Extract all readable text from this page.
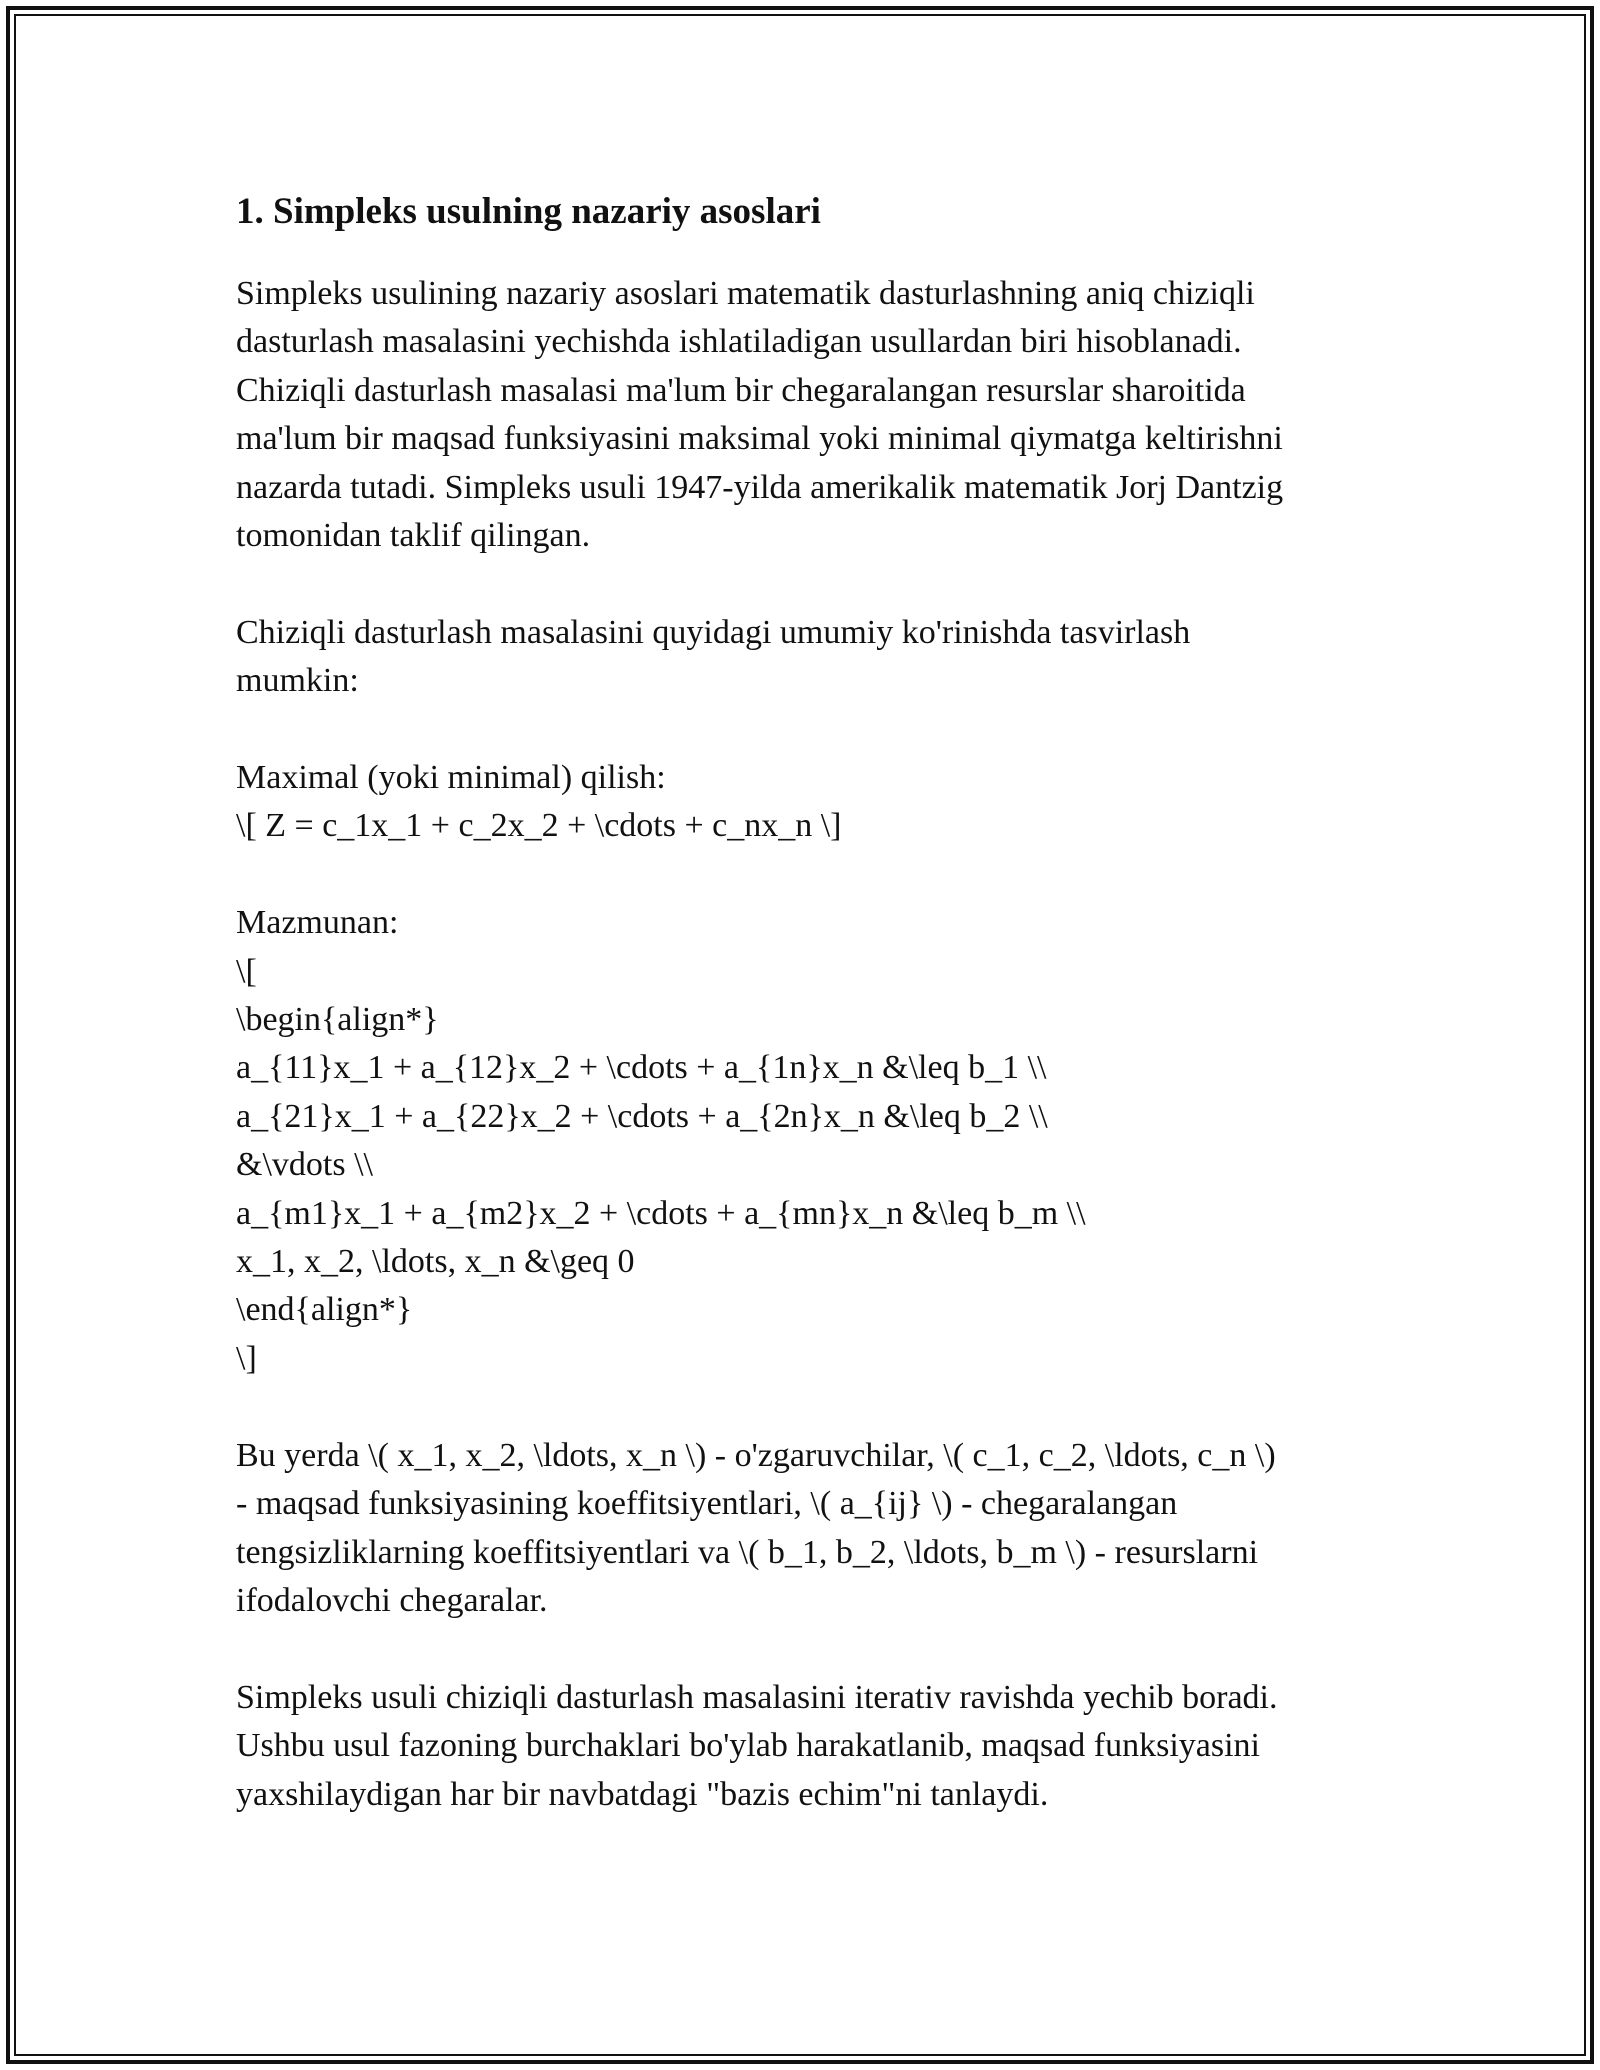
1. Simpleks usulning nazariy asoslari

Simpleks usulining nazariy asoslari matematik dasturlashning aniq chiziqli
dasturlash masalasini yechishda ishlatiladigan usullardan biri hisoblanadi.
Chiziqli dasturlash masalasi ma'lum bir chegaralangan resurslar sharoitida
ma'lum bir maqsad funksiyasini maksimal yoki minimal qiymatga keltirishni
nazarda tutadi. Simpleks usuli 1947-yilda amerikalik matematik Jorj Dantzig
tomonidan taklif qilingan.

Chiziqli dasturlash masalasini quyidagi umumiy ko'rinishda tasvirlash
mumkin:

Maximal (yoki minimal) qilish:

\[ Z = c_1x_1 + c_2x_2 + \cdots + c_nx_n \]

Mazmunan:

\[
\begin{align*}
a_{11}x_1 + a_{12}x_2 + \cdots + a_{1n}x_n &\leq b_1 \\
a_{21}x_1 + a_{22}x_2 + \cdots + a_{2n}x_n &\leq b_2 \\
&\vdots \\
a_{m1}x_1 + a_{m2}x_2 + \cdots + a_{mn}x_n &\leq b_m \\
x_1, x_2, \ldots, x_n &\geq 0
\end{align*}
\]

Bu yerda \( x_1, x_2, \ldots, x_n \) - o'zgaruvchilar, \( c_1, c_2, \ldots, c_n \)
- maqsad funksiyasining koeffitsiyentlari, \( a_{ij} \) - chegaralangan
tengsizliklarning koeffitsiyentlari va \( b_1, b_2, \ldots, b_m \) - resurslarni
ifodalovchi chegaralar.

Simpleks usuli chiziqli dasturlash masalasini iterativ ravishda yechib boradi.
Ushbu usul fazoning burchaklari bo'ylab harakatlanib, maqsad funksiyasini
yaxshilaydigan har bir navbatdagi "bazis echim"ni tanlaydi.
